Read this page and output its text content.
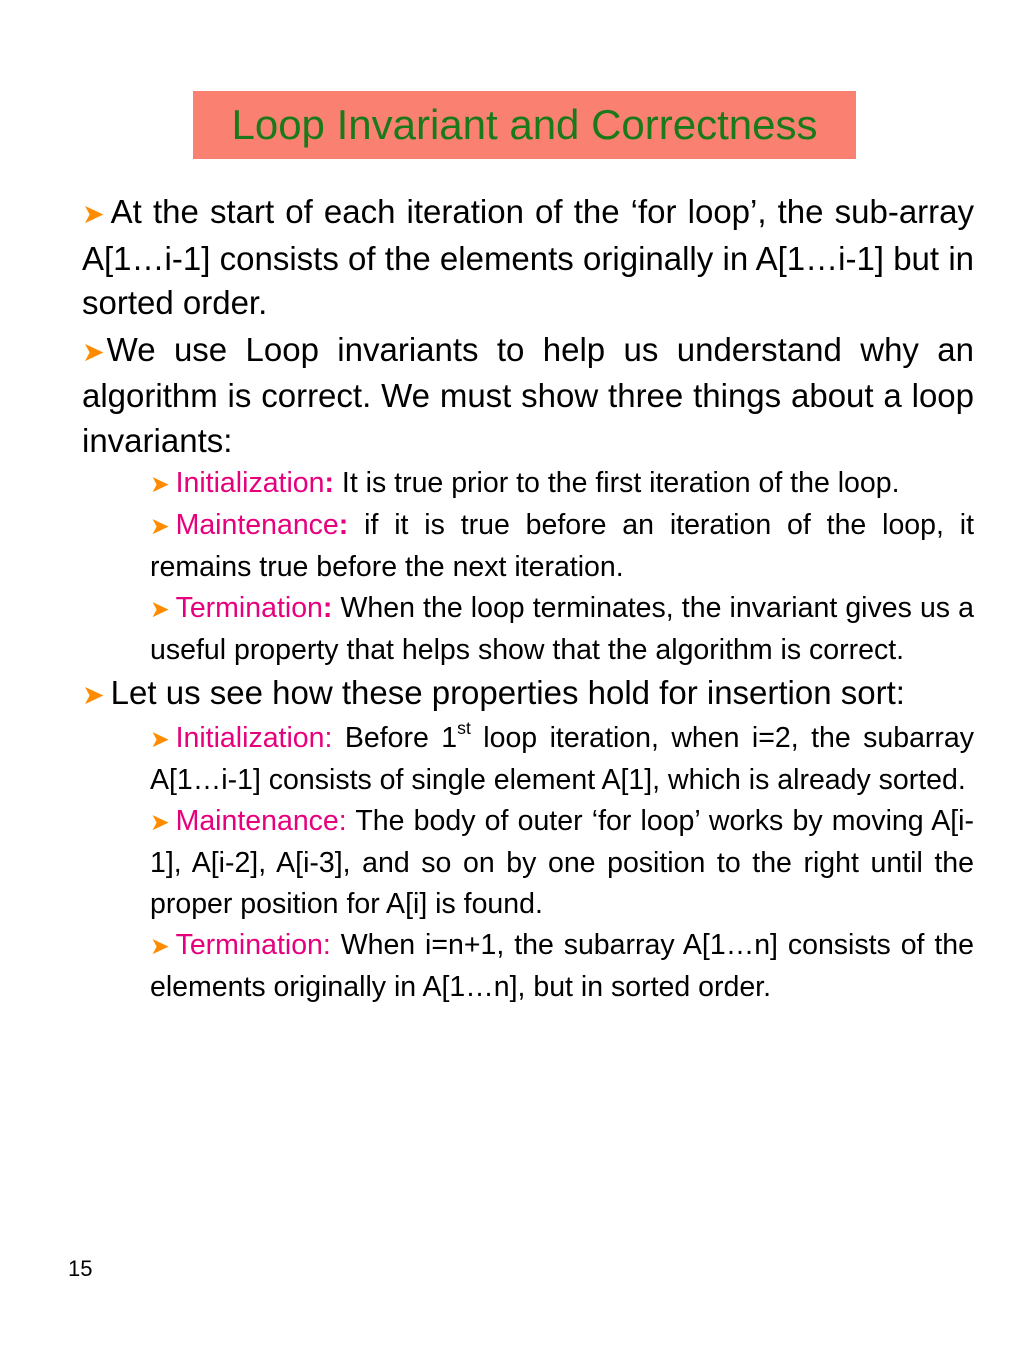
Loop Invariant and Correctness

➤ At the start of each iteration of the ‘for loop’, the sub-array A[1…i-1] consists of the elements originally in A[1…i-1] but in sorted order.

➤We use Loop invariants to help us understand why an algorithm is correct. We must show three things about a loop invariants:

➤ Initialization: It is true prior to the first iteration of the loop.
➤ Maintenance: if it is true before an iteration of the loop, it remains true before the next iteration.
➤ Termination: When the loop terminates, the invariant gives us a useful property that helps show that the algorithm is correct.

➤ Let us see how these properties hold for insertion sort:

➤ Initialization: Before 1st loop iteration, when i=2, the subarray A[1…i-1] consists of single element A[1], which is already sorted.
➤ Maintenance: The body of outer ‘for loop’ works by moving A[i-1], A[i-2], A[i-3], and so on by one position to the right until the proper position for A[i] is found.
➤ Termination: When i=n+1, the subarray A[1…n] consists of the elements originally in A[1…n], but in sorted order.
15
